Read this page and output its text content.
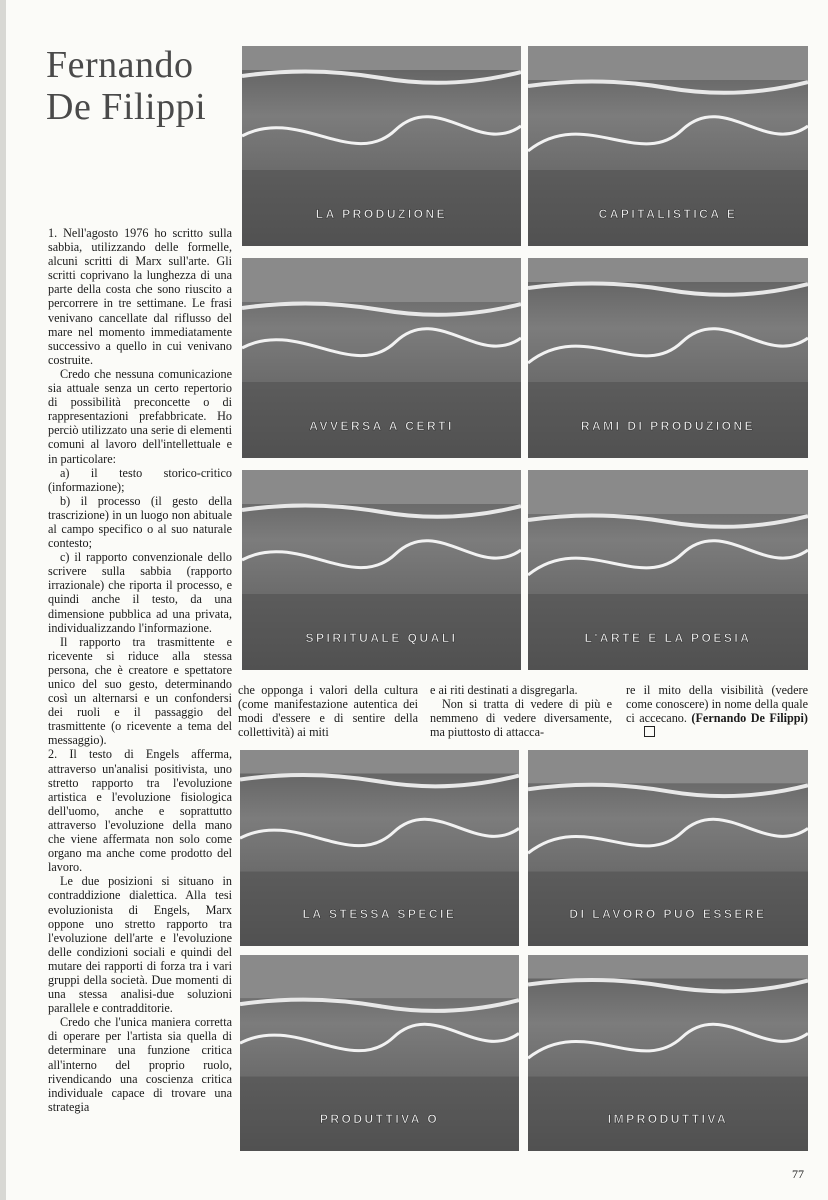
Fernando
De Filippi

1. Nell'agosto 1976 ho scritto sulla sabbia, utilizzando delle formelle, alcuni scritti di Marx sull'arte. Gli scritti coprivano la lunghezza di una parte della costa che sono riuscito a percorrere in tre settimane. Le frasi venivano cancellate dal riflusso del mare nel momento immediatamente successivo a quello in cui venivano costruite.

Credo che nessuna comunicazione sia attuale senza un certo repertorio di possibilità preconcette o di rappresentazioni prefabbricate. Ho perciò utilizzato una serie di elementi comuni al lavoro dell'intellettuale e in particolare:

a) il testo storico-critico (informazione);

b) il processo (il gesto della trascrizione) in un luogo non abituale al campo specifico o al suo naturale contesto;

c) il rapporto convenzionale dello scrivere sulla sabbia (rapporto irrazionale) che riporta il processo, e quindi anche il testo, da una dimensione pubblica ad una privata, individualizzando l'informazione.

Il rapporto tra trasmittente e ricevente si riduce alla stessa persona, che è creatore e spettatore unico del suo gesto, determinando così un alternarsi e un confondersi dei ruoli e il passaggio del trasmittente (o ricevente a tema del messaggio).

2. Il testo di Engels afferma, attraverso un'analisi positivista, uno stretto rapporto tra l'evoluzione artistica e l'evoluzione fisiologica dell'uomo, anche e soprattutto attraverso l'evoluzione della mano che viene affermata non solo come organo ma anche come prodotto del lavoro.

Le due posizioni si situano in contraddizione dialettica. Alla tesi evoluzionista di Engels, Marx oppone uno stretto rapporto tra l'evoluzione dell'arte e l'evoluzione delle condizioni sociali e quindi del mutare dei rapporti di forza tra i vari gruppi della società. Due momenti di una stessa analisi-due soluzioni parallele e contradditorie.

Credo che l'unica maniera corretta di operare per l'artista sia quella di determinare una funzione critica all'interno del proprio ruolo, rivendicando una coscienza critica individuale capace di trovare una strategia

che opponga i valori della cultura (come manifestazione autentica dei modi d'essere e di sentire della collettività) ai miti

e ai riti destinati a disgregarla.

Non si tratta di vedere di più e nemmeno di vedere diversamente, ma piuttosto di attacca-

re il mito della visibilità (vedere come conoscere) in nome della quale ci accecano. (Fernando De Filippi)

LA PRODUZIONE	CAPITALISTICA E
AVVERSA A CERTI	RAMI DI PRODUZIONE
SPIRITUALE QUALI	L'ARTE E LA POESIA
LA STESSA SPECIE	DI LAVORO PUO ESSERE
PRODUTTIVA O	IMPRODUTTIVA
77
